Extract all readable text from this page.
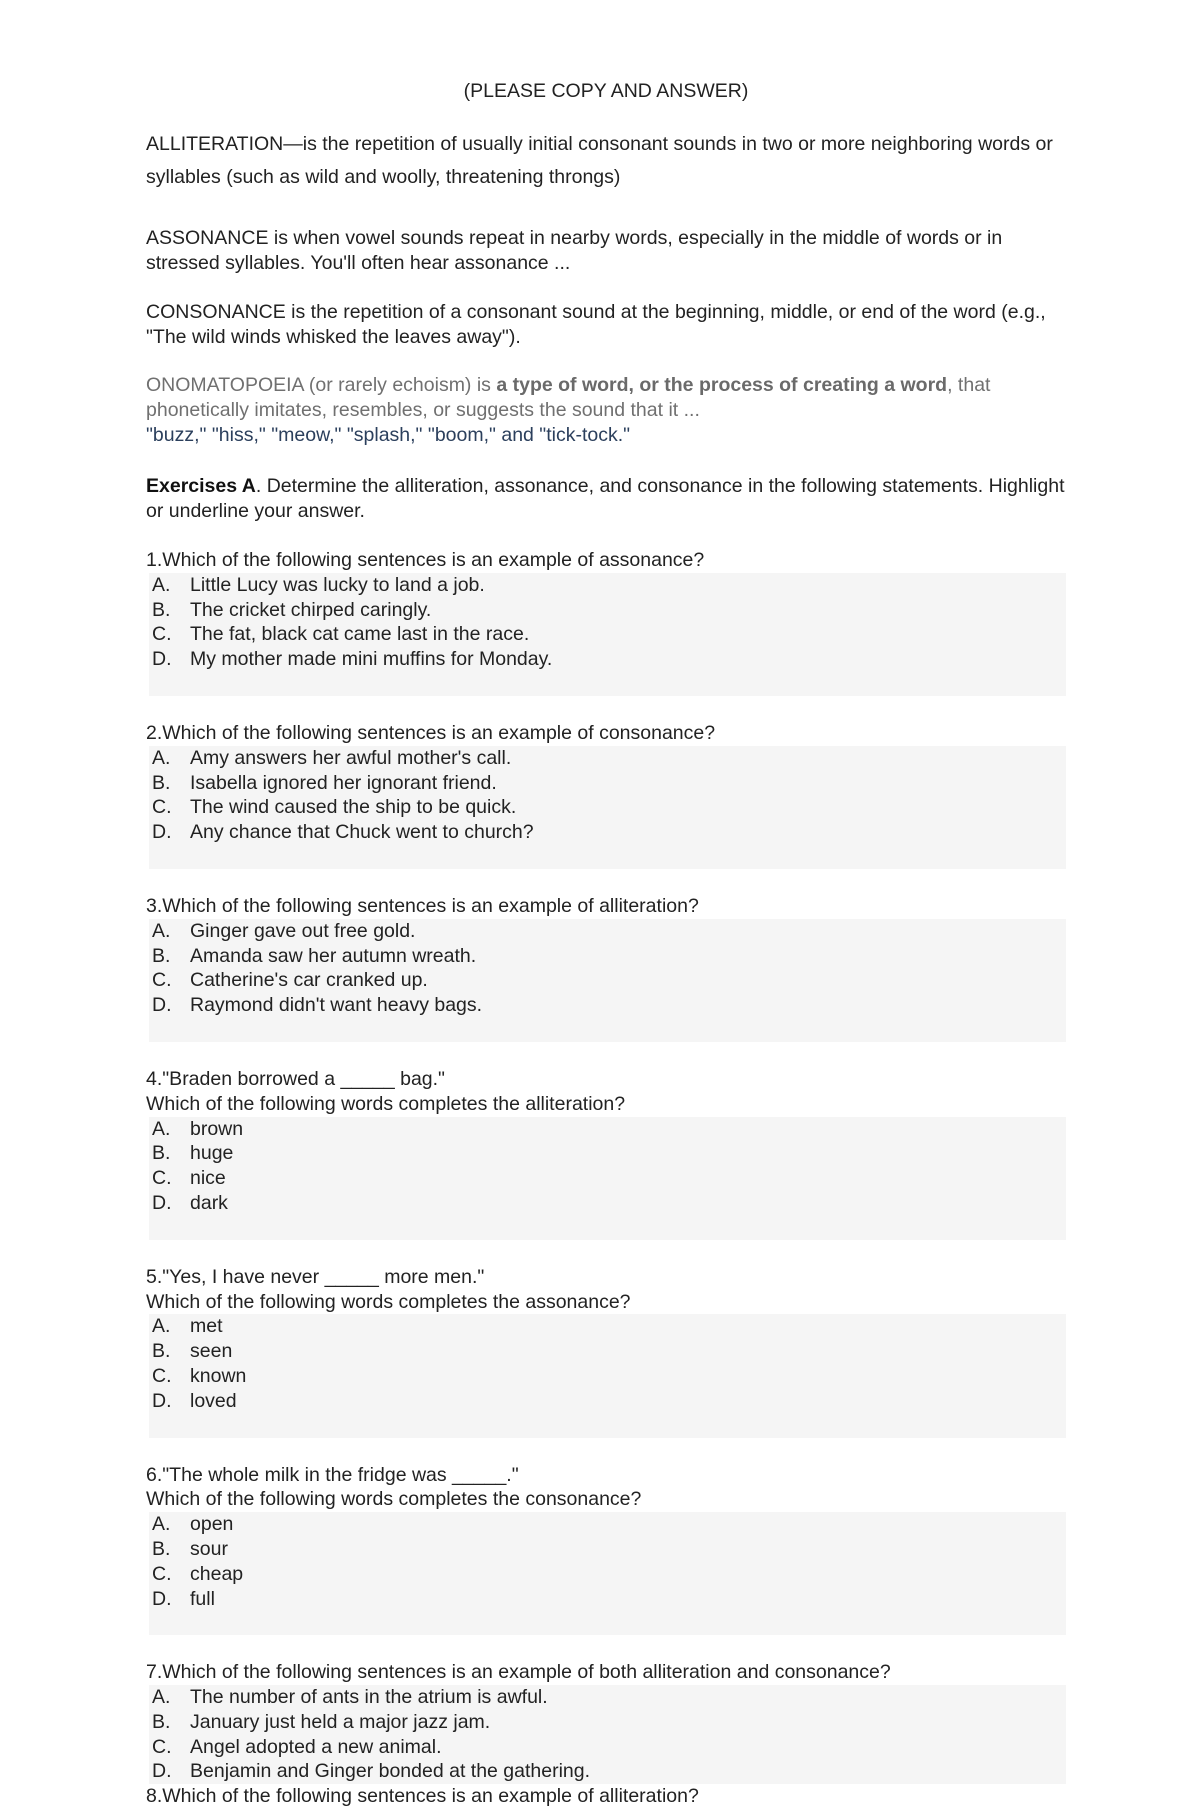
(PLEASE COPY AND ANSWER)
ALLITERATION—is the repetition of usually initial consonant sounds in two or more neighboring words or syllables (such as wild and woolly, threatening throngs)
ASSONANCE is when vowel sounds repeat in nearby words, especially in the middle of words or in stressed syllables. You'll often hear assonance ...
CONSONANCE is the repetition of a consonant sound at the beginning, middle, or end of the word (e.g., "The wild winds whisked the leaves away").
ONOMATOPOEIA (or rarely echoism) is a type of word, or the process of creating a word, that phonetically imitates, resembles, or suggests the sound that it ...
"buzz," "hiss," "meow," "splash," "boom," and "tick-tock."
Exercises A. Determine the alliteration, assonance, and consonance in the following statements. Highlight or underline your answer.
1.Which of the following sentences is an example of assonance?
A.	Little Lucy was lucky to land a job.
B.	The cricket chirped caringly.
C. The fat, black cat came last in the race.
D. My mother made mini muffins for Monday.
2.Which of the following sentences is an example of consonance?
A.	Amy answers her awful mother's call.
B.	Isabella ignored her ignorant friend.
C. The wind caused the ship to be quick.
D. Any chance that Chuck went to church?
3.Which of the following sentences is an example of alliteration?
A.	Ginger gave out free gold.
B.	Amanda saw her autumn wreath.
C. Catherine's car cranked up.
D. Raymond didn't want heavy bags.
4."Braden borrowed a _____ bag."
Which of the following words completes the alliteration?
A.	brown
B.	huge
C. nice
D. dark
5."Yes, I have never _____ more men."
Which of the following words completes the assonance?
A.	met
B.	seen
C. known
D. loved
6."The whole milk in the fridge was _____."
Which of the following words completes the consonance?
A.	open
B.	sour
C. cheap
D. full
7.Which of the following sentences is an example of both alliteration and consonance?
A.	The number of ants in the atrium is awful.
B.	January just held a major jazz jam.
C. Angel adopted a new animal.
D. Benjamin and Ginger bonded at the gathering.
8.Which of the following sentences is an example of alliteration?
